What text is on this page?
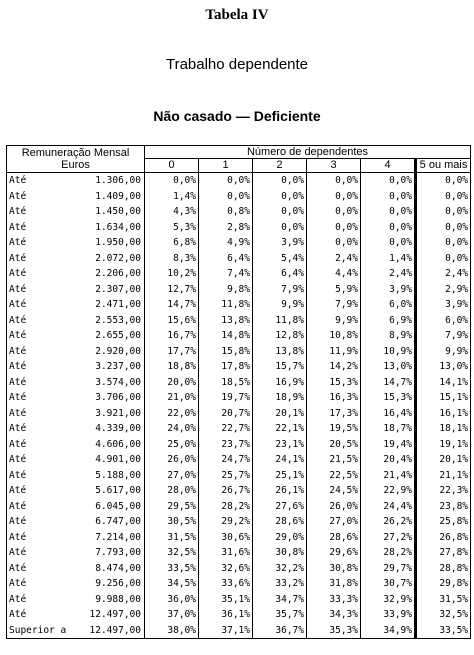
Tabela IV
Trabalho dependente
Não casado — Deficiente
Remuneração Mensal
Euros		Número de dependentes					
		0	1	2	3	4	5 ou mais
Até	1.306,00	0,0%	0,0%	0,0%	0,0%	0,0%	0,0%
Até	1.409,00	1,4%	0,0%	0,0%	0,0%	0,0%	0,0%
Até	1.450,00	4,3%	0,8%	0,0%	0,0%	0,0%	0,0%
Até	1.634,00	5,3%	2,8%	0,0%	0,0%	0,0%	0,0%
Até	1.950,00	6,8%	4,9%	3,9%	0,0%	0,0%	0,0%
Até	2.072,00	8,3%	6,4%	5,4%	2,4%	1,4%	0,0%
Até	2.206,00	10,2%	7,4%	6,4%	4,4%	2,4%	2,4%
Até	2.307,00	12,7%	9,8%	7,9%	5,9%	3,9%	2,9%
Até	2.471,00	14,7%	11,8%	9,9%	7,9%	6,0%	3,9%
Até	2.553,00	15,6%	13,8%	11,8%	9,9%	6,9%	6,0%
Até	2.655,00	16,7%	14,8%	12,8%	10,8%	8,9%	7,9%
Até	2.920,00	17,7%	15,8%	13,8%	11,9%	10,9%	9,9%
Até	3.237,00	18,8%	17,8%	15,7%	14,2%	13,0%	13,0%
Até	3.574,00	20,0%	18,5%	16,9%	15,3%	14,7%	14,1%
Até	3.706,00	21,0%	19,7%	18,9%	16,3%	15,3%	15,1%
Até	3.921,00	22,0%	20,7%	20,1%	17,3%	16,4%	16,1%
Até	4.339,00	24,0%	22,7%	22,1%	19,5%	18,7%	18,1%
Até	4.606,00	25,0%	23,7%	23,1%	20,5%	19,4%	19,1%
Até	4.901,00	26,0%	24,7%	24,1%	21,5%	20,4%	20,1%
Até	5.188,00	27,0%	25,7%	25,1%	22,5%	21,4%	21,1%
Até	5.617,00	28,0%	26,7%	26,1%	24,5%	22,9%	22,3%
Até	6.045,00	29,5%	28,2%	27,6%	26,0%	24,4%	23,8%
Até	6.747,00	30,5%	29,2%	28,6%	27,0%	26,2%	25,8%
Até	7.214,00	31,5%	30,6%	29,0%	28,6%	27,2%	26,8%
Até	7.793,00	32,5%	31,6%	30,8%	29,6%	28,2%	27,8%
Até	8.474,00	33,5%	32,6%	32,2%	30,8%	29,7%	28,8%
Até	9.256,00	34,5%	33,6%	33,2%	31,8%	30,7%	29,8%
Até	9.988,00	36,0%	35,1%	34,7%	33,3%	32,9%	31,5%
Até	12.497,00	37,0%	36,1%	35,7%	34,3%	33,9%	32,5%
Superior a	12.497,00	38,0%	37,1%	36,7%	35,3%	34,9%	33,5%
